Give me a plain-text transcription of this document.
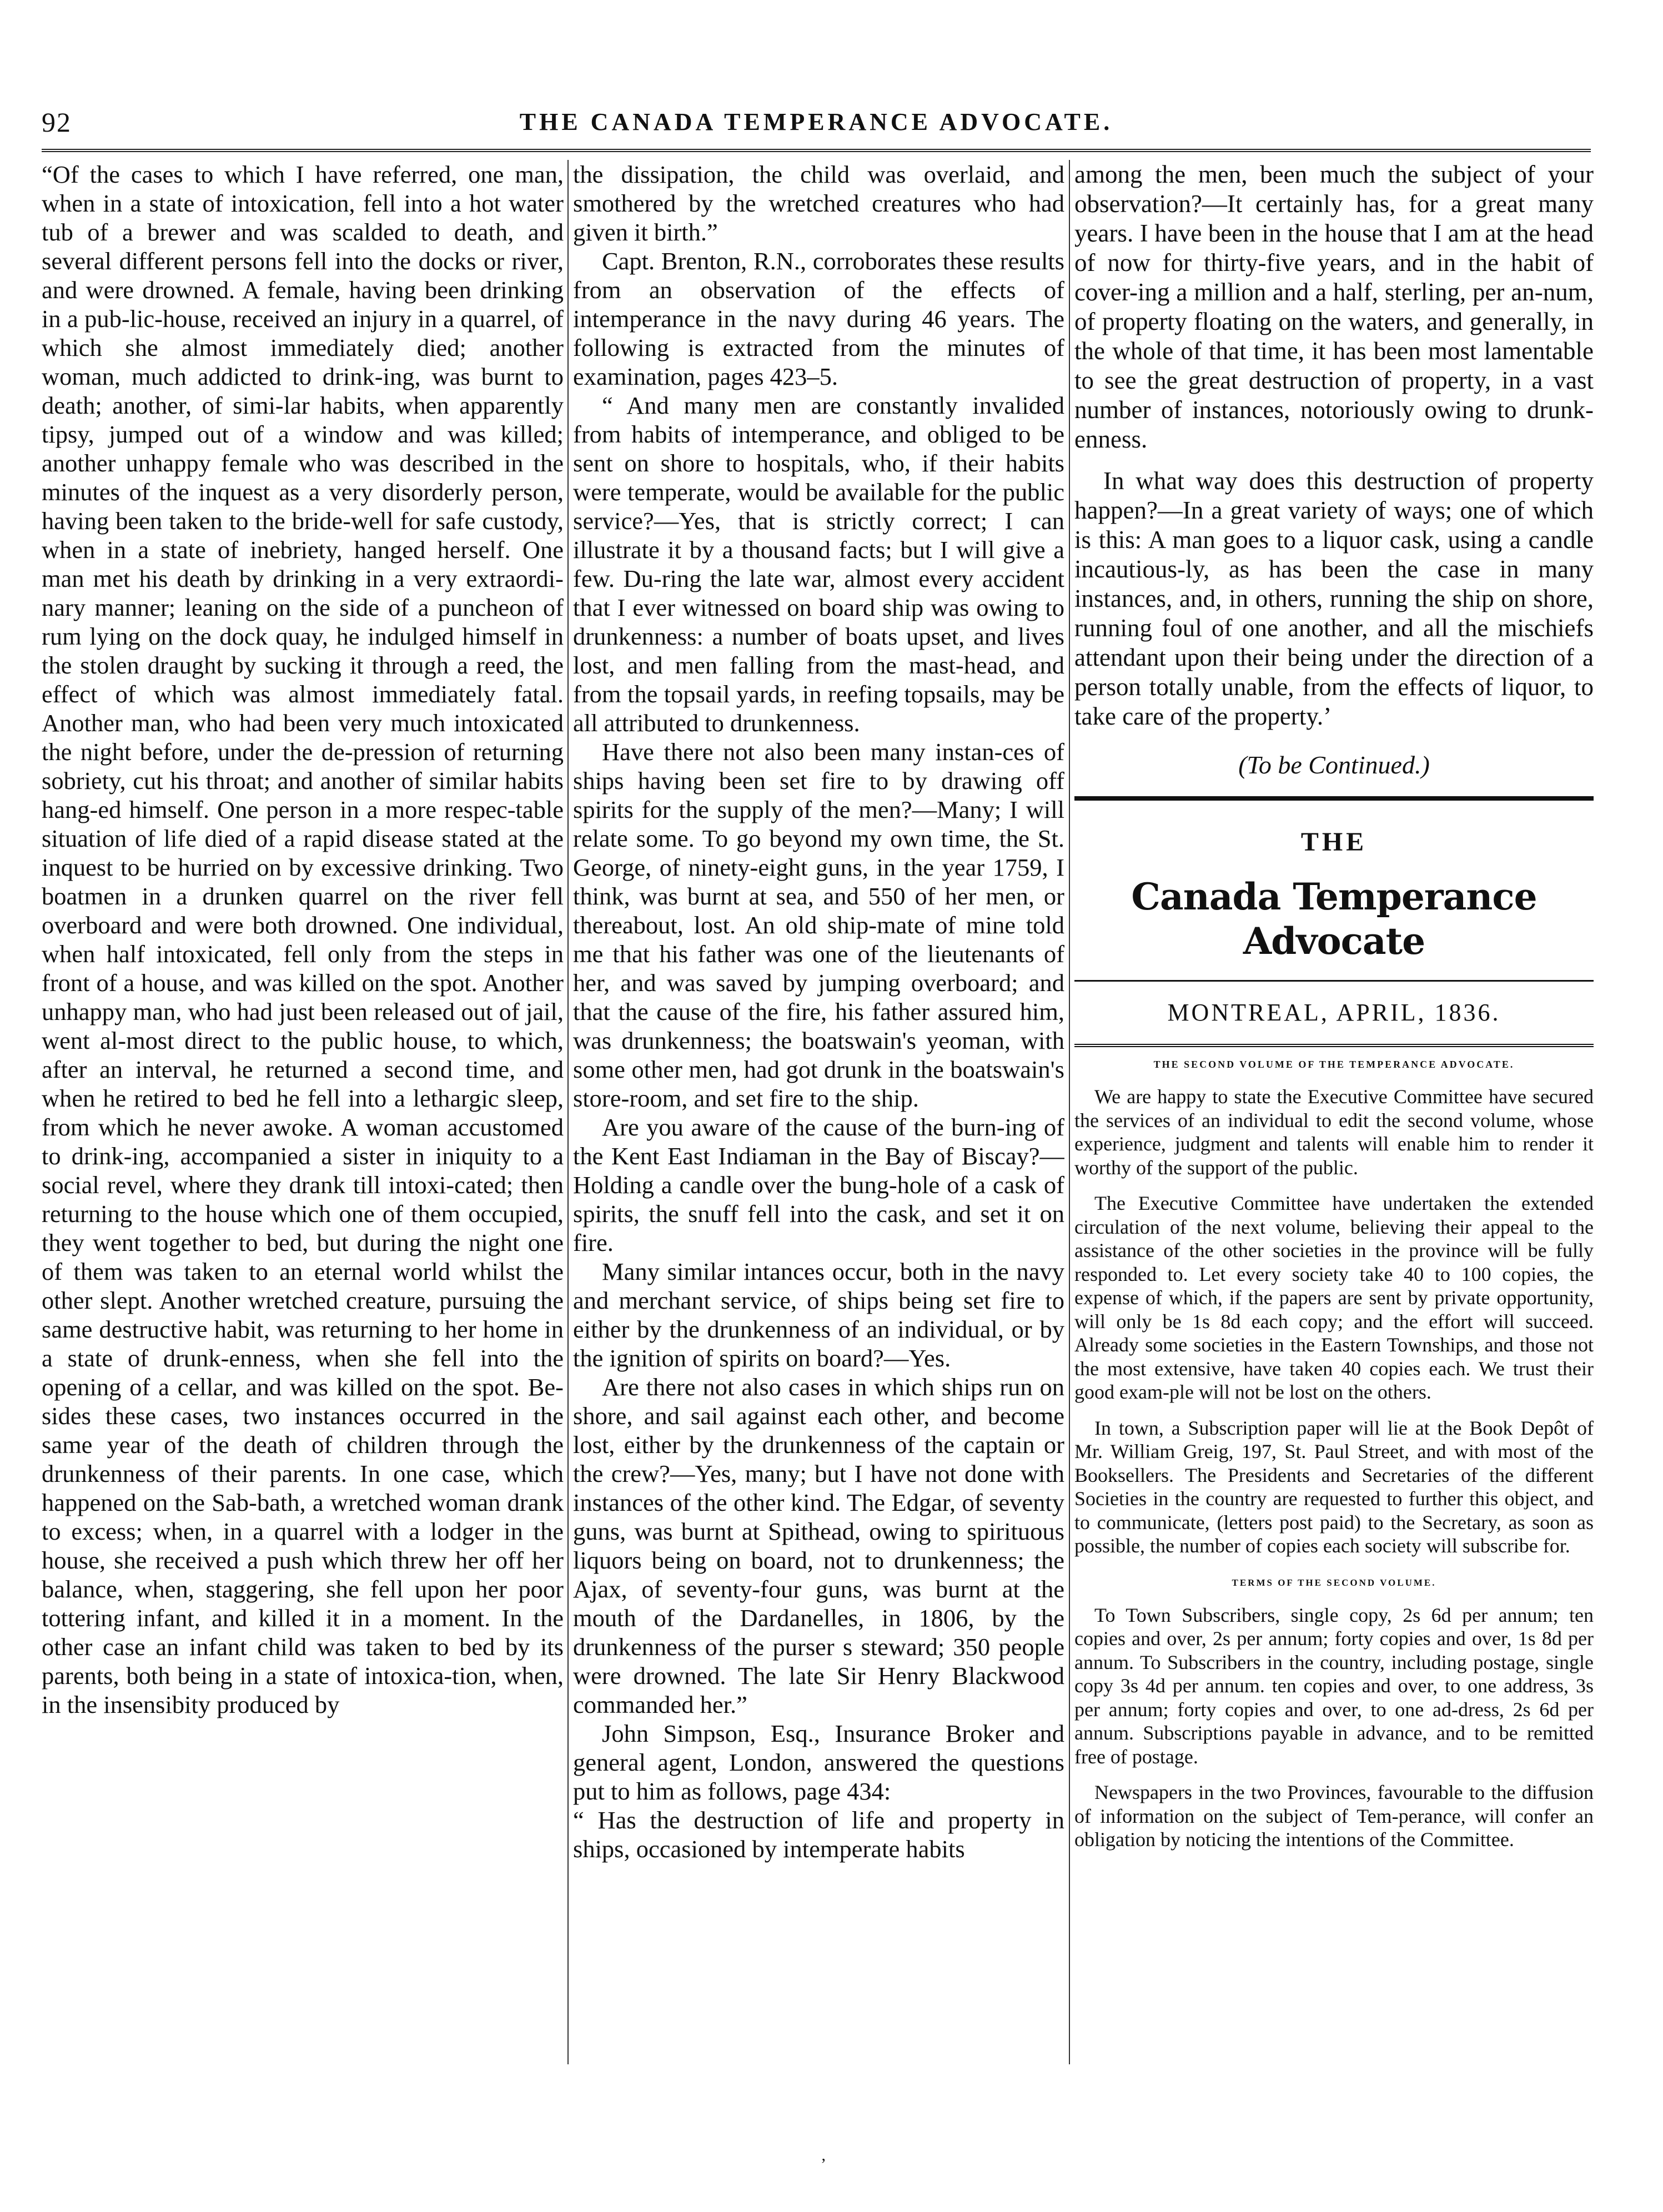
92	THE CANADA TEMPERANCE ADVOCATE.

“Of the cases to which I have referred, one man, when in a state of intoxication, fell into a hot water tub of a brewer and was scalded to death, and several different persons fell into the docks or river, and were drowned. A female, having been drinking in a pub-lic-house, received an injury in a quarrel, of which she almost immediately died; another woman, much addicted to drink-ing, was burnt to death; another, of simi-lar habits, when apparently tipsy, jumped out of a window and was killed; another unhappy female who was described in the minutes of the inquest as a very disorderly person, having been taken to the bride-well for safe custody, when in a state of inebriety, hanged herself. One man met his death by drinking in a very extraordi-nary manner; leaning on the side of a puncheon of rum lying on the dock quay, he indulged himself in the stolen draught by sucking it through a reed, the effect of which was almost immediately fatal. Another man, who had been very much intoxicated the night before, under the de-pression of returning sobriety, cut his throat; and another of similar habits hang-ed himself. One person in a more respec-table situation of life died of a rapid disease stated at the inquest to be hurried on by excessive drinking. Two boatmen in a drunken quarrel on the river fell overboard and were both drowned. One individual, when half intoxicated, fell only from the steps in front of a house, and was killed on the spot. Another unhappy man, who had just been released out of jail, went al-most direct to the public house, to which, after an interval, he returned a second time, and when he retired to bed he fell into a lethargic sleep, from which he never awoke. A woman accustomed to drink-ing, accompanied a sister in iniquity to a social revel, where they drank till intoxi-cated; then returning to the house which one of them occupied, they went together to bed, but during the night one of them was taken to an eternal world whilst the other slept. Another wretched creature, pursuing the same destructive habit, was returning to her home in a state of drunk-enness, when she fell into the opening of a cellar, and was killed on the spot. Be-sides these cases, two instances occurred in the same year of the death of children through the drunkenness of their parents. In one case, which happened on the Sab-bath, a wretched woman drank to excess; when, in a quarrel with a lodger in the house, she received a push which threw her off her balance, when, staggering, she fell upon her poor tottering infant, and killed it in a moment. In the other case an infant child was taken to bed by its parents, both being in a state of intoxica-tion, when, in the insensibity produced by

the dissipation, the child was overlaid, and smothered by the wretched creatures who had given it birth.”

Capt. Brenton, R.N., corroborates these results from an observation of the effects of intemperance in the navy during 46 years. The following is extracted from the minutes of examination, pages 423–5.

“ And many men are constantly invalided from habits of intemperance, and obliged to be sent on shore to hospitals, who, if their habits were temperate, would be available for the public service?—Yes, that is strictly correct; I can illustrate it by a thousand facts; but I will give a few. Du-ring the late war, almost every accident that I ever witnessed on board ship was owing to drunkenness: a number of boats upset, and lives lost, and men falling from the mast-head, and from the topsail yards, in reefing topsails, may be all attributed to drunkenness.

Have there not also been many instan-ces of ships having been set fire to by drawing off spirits for the supply of the men?—Many; I will relate some. To go beyond my own time, the St. George, of ninety-eight guns, in the year 1759, I think, was burnt at sea, and 550 of her men, or thereabout, lost. An old ship-mate of mine told me that his father was one of the lieutenants of her, and was saved by jumping overboard; and that the cause of the fire, his father assured him, was drunkenness; the boatswain's yeoman, with some other men, had got drunk in the boatswain's store-room, and set fire to the ship.

Are you aware of the cause of the burn-ing of the Kent East Indiaman in the Bay of Biscay?—Holding a candle over the bung-hole of a cask of spirits, the snuff fell into the cask, and set it on fire.

Many similar intances occur, both in the navy and merchant service, of ships being set fire to either by the drunkenness of an individual, or by the ignition of spirits on board?—Yes.

Are there not also cases in which ships run on shore, and sail against each other, and become lost, either by the drunkenness of the captain or the crew?—Yes, many; but I have not done with instances of the other kind. The Edgar, of seventy guns, was burnt at Spithead, owing to spirituous liquors being on board, not to drunkenness; the Ajax, of seventy-four guns, was burnt at the mouth of the Dardanelles, in 1806, by the drunkenness of the purser s steward; 350 people were drowned. The late Sir Henry Blackwood commanded her.”

John Simpson, Esq., Insurance Broker and general agent, London, answered the questions put to him as follows, page 434:

“ Has the destruction of life and property in ships, occasioned by intemperate habits

among the men, been much the subject of your observation?—It certainly has, for a great many years. I have been in the house that I am at the head of now for thirty-five years, and in the habit of cover-ing a million and a half, sterling, per an-num, of property floating on the waters, and generally, in the whole of that time, it has been most lamentable to see the great destruction of property, in a vast number of instances, notoriously owing to drunk-enness.

In what way does this destruction of property happen?—In a great variety of ways; one of which is this: A man goes to a liquor cask, using a candle incautious-ly, as has been the case in many instances, and, in others, running the ship on shore, running foul of one another, and all the mischiefs attendant upon their being under the direction of a person totally unable, from the effects of liquor, to take care of the property.’

(To be Continued.)
THE
Canada Temperance Advocate
MONTREAL, APRIL, 1836.
THE SECOND VOLUME OF THE TEMPERANCE ADVOCATE.

We are happy to state the Executive Committee have secured the services of an individual to edit the second volume, whose experience, judgment and talents will enable him to render it worthy of the support of the public.

The Executive Committee have undertaken the extended circulation of the next volume, believing their appeal to the assistance of the other societies in the province will be fully responded to. Let every society take 40 to 100 copies, the expense of which, if the papers are sent by private opportunity, will only be 1s 8d each copy; and the effort will succeed. Already some societies in the Eastern Townships, and those not the most extensive, have taken 40 copies each. We trust their good exam-ple will not be lost on the others.

In town, a Subscription paper will lie at the Book Depôt of Mr. William Greig, 197, St. Paul Street, and with most of the Booksellers. The Presidents and Secretaries of the different Societies in the country are requested to further this object, and to communicate, (letters post paid) to the Secretary, as soon as possible, the number of copies each society will subscribe for.

TERMS OF THE SECOND VOLUME.

To Town Subscribers, single copy, 2s 6d per annum; ten copies and over, 2s per annum; forty copies and over, 1s 8d per annum. To Subscribers in the country, including postage, single copy 3s 4d per annum. ten copies and over, to one address, 3s per annum; forty copies and over, to one ad-dress, 2s 6d per annum. Subscriptions payable in advance, and to be remitted free of postage.

Newspapers in the two Provinces, favourable to the diffusion of information on the subject of Tem-perance, will confer an obligation by noticing the intentions of the Committee.

ʼ
